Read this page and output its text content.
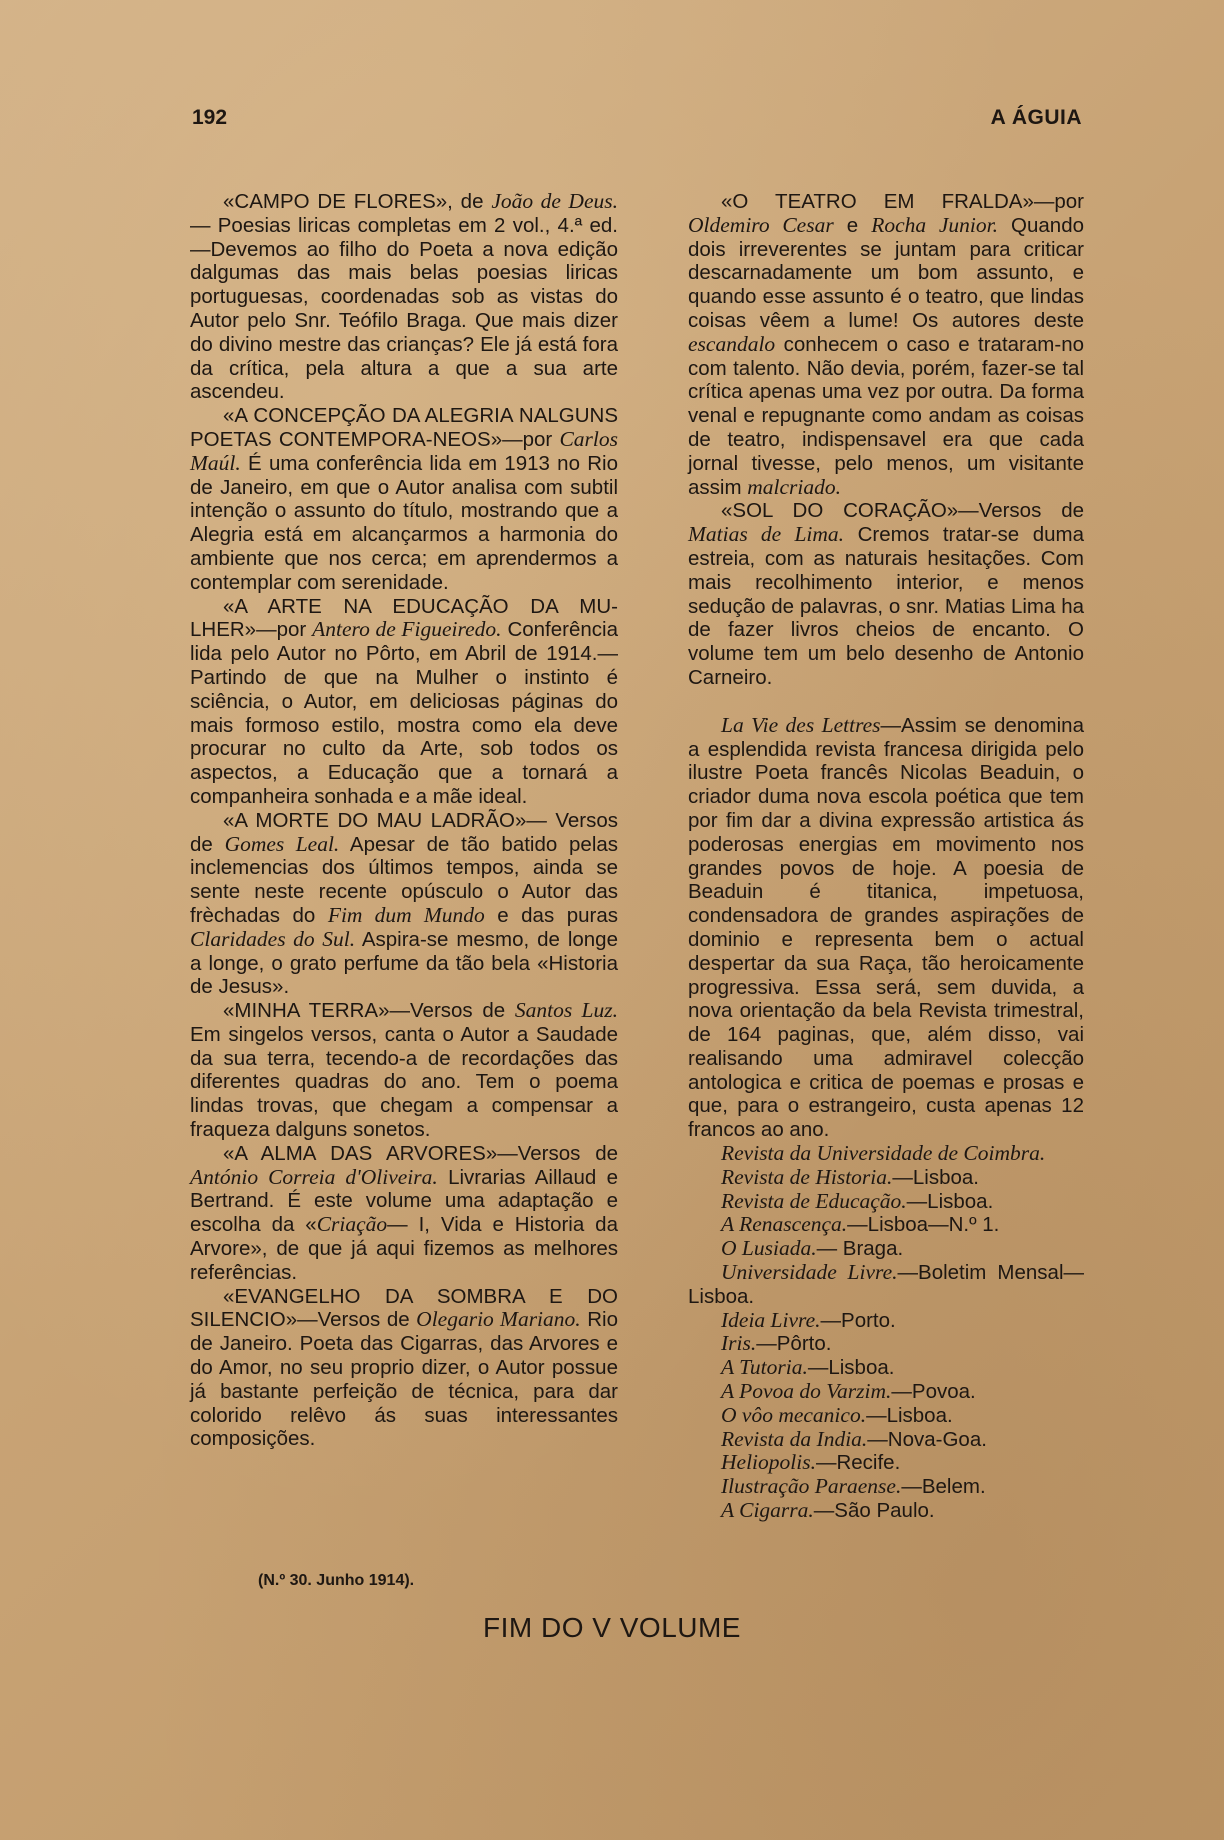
192	A ÁGUIA

«CAMPO DE FLORES», de João de Deus. — Poesias liricas completas em 2 vol., 4.ª ed.—Devemos ao filho do Poeta a nova edição dalgumas das mais belas poesias liricas portuguesas, coordenadas sob as vistas do Autor pelo Snr. Teófilo Braga. Que mais dizer do divino mestre das crianças? Ele já está fora da crítica, pela altura a que a sua arte ascendeu.

«A CONCEPÇÃO DA ALEGRIA NALGUNS POETAS CONTEMPORA-NEOS»—por Carlos Maúl. É uma conferência lida em 1913 no Rio de Janeiro, em que o Autor analisa com subtil intenção o assunto do título, mostrando que a Alegria está em alcançarmos a harmonia do ambiente que nos cerca; em aprendermos a contemplar com serenidade.

«A ARTE NA EDUCAÇÃO DA MU-LHER»—por Antero de Figueiredo. Conferência lida pelo Autor no Pôrto, em Abril de 1914.—Partindo de que na Mulher o instinto é sciência, o Autor, em deliciosas páginas do mais formoso estilo, mostra como ela deve procurar no culto da Arte, sob todos os aspectos, a Educação que a tornará a companheira sonhada e a mãe ideal.

«A MORTE DO MAU LADRÃO»— Versos de Gomes Leal. Apesar de tão batido pelas inclemencias dos últimos tempos, ainda se sente neste recente opúsculo o Autor das frèchadas do Fim dum Mundo e das puras Claridades do Sul. Aspira-se mesmo, de longe a longe, o grato perfume da tão bela «Historia de Jesus».

«MINHA TERRA»—Versos de Santos Luz. Em singelos versos, canta o Autor a Saudade da sua terra, tecendo-a de recordações das diferentes quadras do ano. Tem o poema lindas trovas, que chegam a compensar a fraqueza dalguns sonetos.

«A ALMA DAS ARVORES»—Versos de António Correia d'Oliveira. Livrarias Aillaud e Bertrand. É este volume uma adaptação e escolha da «Criação— I, Vida e Historia da Arvore», de que já aqui fizemos as melhores referências.

«EVANGELHO DA SOMBRA E DO SILENCIO»—Versos de Olegario Mariano. Rio de Janeiro. Poeta das Cigarras, das Arvores e do Amor, no seu proprio dizer, o Autor possue já bastante perfeição de técnica, para dar colorido relêvo ás suas interessantes composições.

«O TEATRO EM FRALDA»—por Oldemiro Cesar e Rocha Junior. Quando dois irreverentes se juntam para criticar descarnadamente um bom assunto, e quando esse assunto é o teatro, que lindas coisas vêem a lume! Os autores deste escandalo conhecem o caso e trataram-no com talento. Não devia, porém, fazer-se tal crítica apenas uma vez por outra. Da forma venal e repugnante como andam as coisas de teatro, indispensavel era que cada jornal tivesse, pelo menos, um visitante assim malcriado.

«SOL DO CORAÇÃO»—Versos de Matias de Lima. Cremos tratar-se duma estreia, com as naturais hesitações. Com mais recolhimento interior, e menos sedução de palavras, o snr. Matias Lima ha de fazer livros cheios de encanto. O volume tem um belo desenho de Antonio Carneiro.

La Vie des Lettres—Assim se denomina a esplendida revista francesa dirigida pelo ilustre Poeta francês Nicolas Beaduin, o criador duma nova escola poética que tem por fim dar a divina expressão artistica ás poderosas energias em movimento nos grandes povos de hoje. A poesia de Beaduin é titanica, impetuosa, condensadora de grandes aspirações de dominio e representa bem o actual despertar da sua Raça, tão heroicamente progressiva. Essa será, sem duvida, a nova orientação da bela Revista trimestral, de 164 paginas, que, além disso, vai realisando uma admiravel colecção antologica e critica de poemas e prosas e que, para o estrangeiro, custa apenas 12 francos ao ano.

Revista da Universidade de Coimbra.

Revista de Historia.—Lisboa.

Revista de Educação.—Lisboa.

A Renascença.—Lisboa—N.º 1.

O Lusiada.— Braga.

Universidade Livre.—Boletim Mensal—Lisboa.

Ideia Livre.—Porto.

Iris.—Pôrto.

A Tutoria.—Lisboa.

A Povoa do Varzim.—Povoa.

O vôo mecanico.—Lisboa.

Revista da India.—Nova-Goa.

Heliopolis.—Recife.

Ilustração Paraense.—Belem.

A Cigarra.—São Paulo.

(N.º 30. Junho 1914).
FIM DO V VOLUME
